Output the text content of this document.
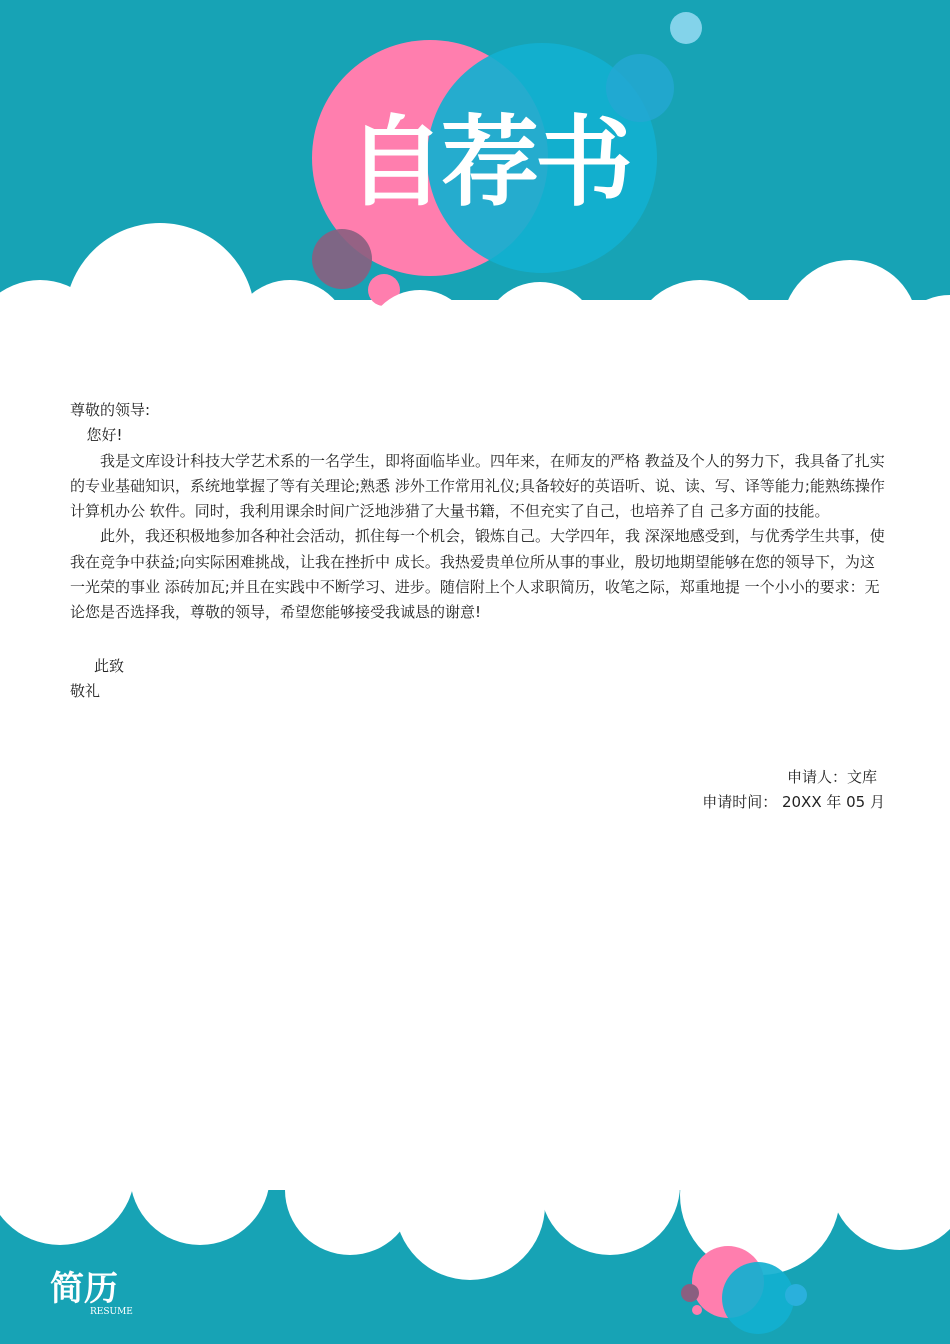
自荐书

尊敬的领导:

您好!

我是文库设计科技大学艺术系的一名学生，即将面临毕业。四年来，在师友的严格 教益及个人的努力下，我具备了扎实的专业基础知识，系统地掌握了等有关理论;熟悉 涉外工作常用礼仪;具备较好的英语听、说、读、写、译等能力;能熟练操作计算机办公 软件。同时，我利用课余时间广泛地涉猎了大量书籍，不但充实了自己，也培养了自 己多方面的技能。

此外，我还积极地参加各种社会活动，抓住每一个机会，锻炼自己。大学四年，我 深深地感受到，与优秀学生共事，使我在竞争中获益;向实际困难挑战，让我在挫折中 成长。我热爱贵单位所从事的事业，殷切地期望能够在您的领导下，为这一光荣的事业 添砖加瓦;并且在实践中不断学习、进步。随信附上个人求职简历，收笔之际，郑重地提 一个小小的要求：无论您是否选择我，尊敬的领导，希望您能够接受我诚恳的谢意!

此致

敬礼

申请人：文库
申请时间： 20XX 年 05 月
简历
RESUME
